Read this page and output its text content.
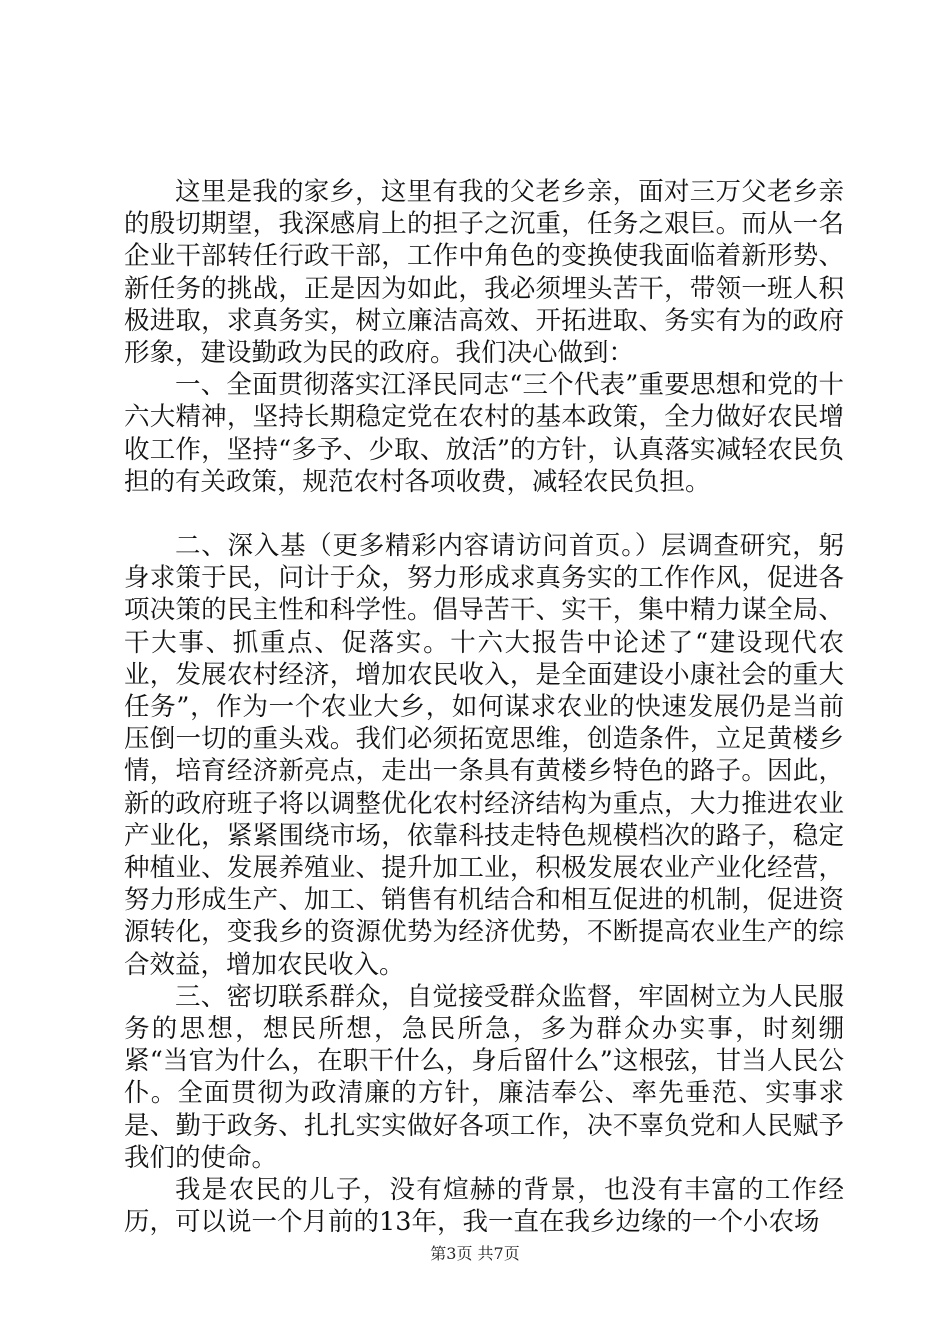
这里是我的家乡，这里有我的父老乡亲，面对三万父老乡亲的殷切期望，我深感肩上的担子之沉重，任务之艰巨。而从一名企业干部转任行政干部，工作中角色的变换使我面临着新形势、新任务的挑战，正是因为如此，我必须埋头苦干，带领一班人积极进取，求真务实，树立廉洁高效、开拓进取、务实有为的政府形象，建设勤政为民的政府。我们决心做到：

一、全面贯彻落实江泽民同志“三个代表”重要思想和党的十六大精神，坚持长期稳定党在农村的基本政策，全力做好农民增收工作，坚持“多予、少取、放活”的方针，认真落实减轻农民负担的有关政策，规范农村各项收费，减轻农民负担。

二、深入基（更多精彩内容请访问首页。）层调查研究，躬身求策于民，问计于众，努力形成求真务实的工作作风，促进各项决策的民主性和科学性。倡导苦干、实干，集中精力谋全局、干大事、抓重点、促落实。十六大报告中论述了“建设现代农业，发展农村经济，增加农民收入，是全面建设小康社会的重大任务”，作为一个农业大乡，如何谋求农业的快速发展仍是当前压倒一切的重头戏。我们必须拓宽思维，创造条件，立足黄楼乡情，培育经济新亮点，走出一条具有黄楼乡特色的路子。因此，新的政府班子将以调整优化农村经济结构为重点，大力推进农业产业化，紧紧围绕市场，依靠科技走特色规模档次的路子，稳定种植业、发展养殖业、提升加工业，积极发展农业产业化经营，努力形成生产、加工、销售有机结合和相互促进的机制，促进资源转化，变我乡的资源优势为经济优势，不断提高农业生产的综合效益，增加农民收入。

三、密切联系群众，自觉接受群众监督，牢固树立为人民服务的思想，想民所想，急民所急，多为群众办实事，时刻绷紧“当官为什么，在职干什么，身后留什么”这根弦，甘当人民公仆。全面贯彻为政清廉的方针，廉洁奉公、率先垂范、实事求是、勤于政务、扎扎实实做好各项工作，决不辜负党和人民赋予我们的使命。

我是农民的儿子，没有煊赫的背景，也没有丰富的工作经历，可以说一个月前的13年，我一直在我乡边缘的一个小农场

第3页 共7页
